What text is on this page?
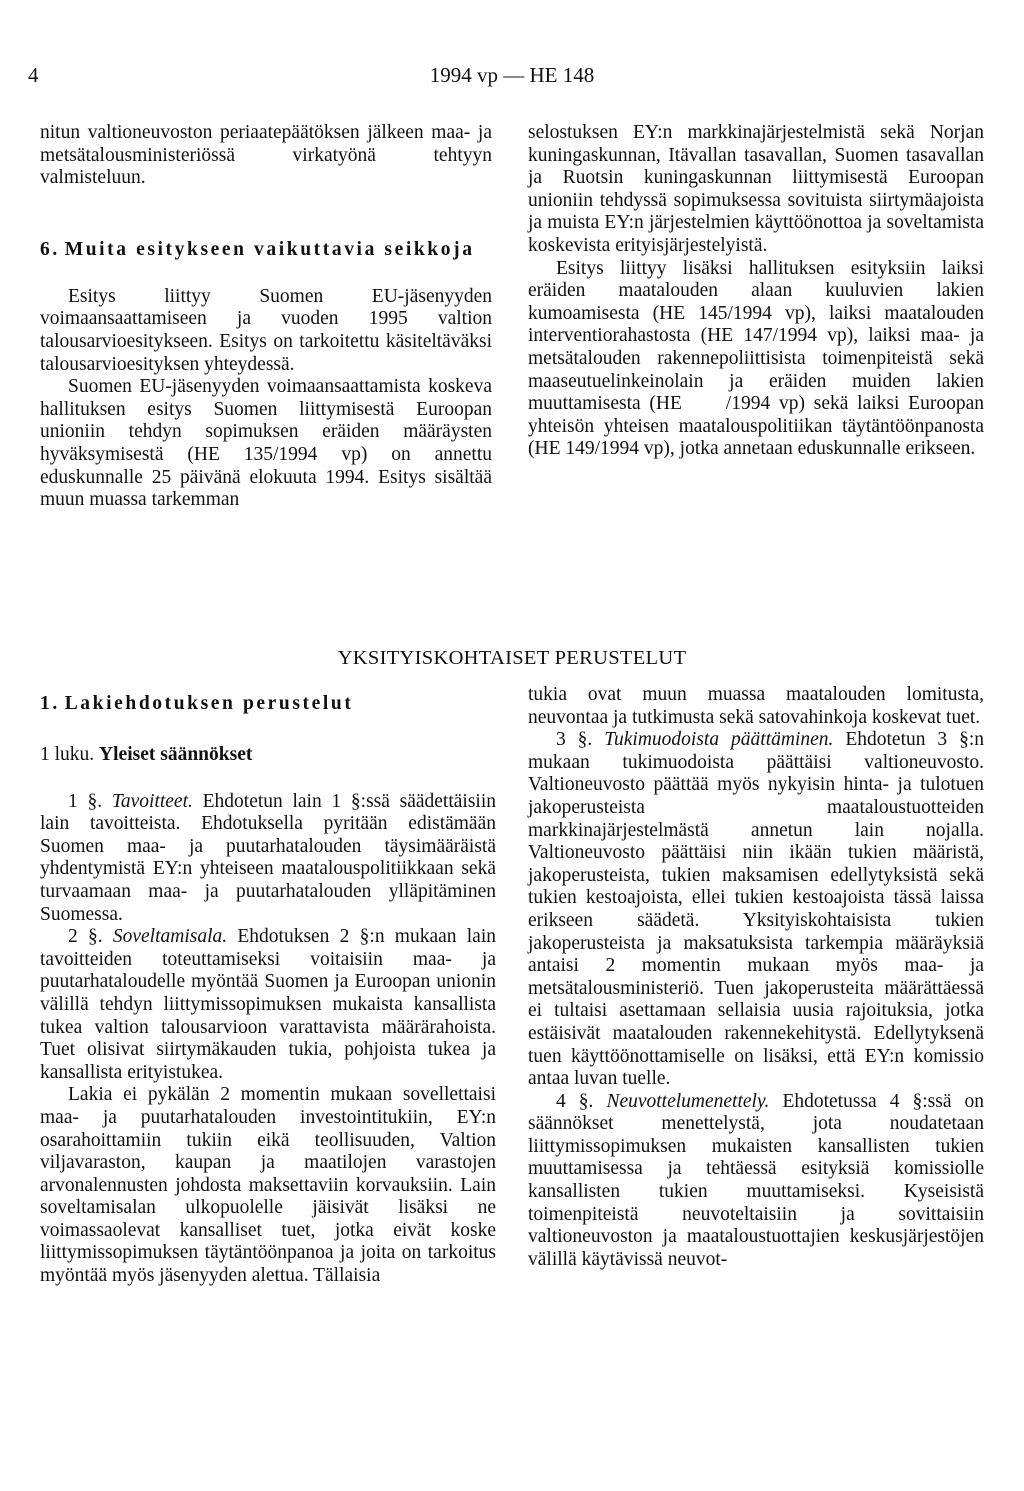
4	1994 vp — HE 148

nitun valtioneuvoston periaatepäätöksen jälkeen maa- ja metsätalousministeriössä virkatyönä tehtyyn valmisteluun.

6. Muita esitykseen vaikuttavia seikkoja

Esitys liittyy Suomen EU-jäsenyyden voimaansaattamiseen ja vuoden 1995 valtion talousarvioesitykseen. Esitys on tarkoitettu käsiteltäväksi talousarvioesityksen yhteydessä.

Suomen EU-jäsenyyden voimaansaattamista koskeva hallituksen esitys Suomen liittymisestä Euroopan unioniin tehdyn sopimuksen eräiden määräysten hyväksymisestä (HE 135/1994 vp) on annettu eduskunnalle 25 päivänä elokuuta 1994. Esitys sisältää muun muassa tarkemman

selostuksen EY:n markkinajärjestelmistä sekä Norjan kuningaskunnan, Itävallan tasavallan, Suomen tasavallan ja Ruotsin kuningaskunnan liittymisestä Euroopan unioniin tehdyssä sopimuksessa sovituista siirtymäajoista ja muista EY:n järjestelmien käyttöönottoa ja soveltamista koskevista erityisjärjestelyistä.

Esitys liittyy lisäksi hallituksen esityksiin laiksi eräiden maatalouden alaan kuuluvien lakien kumoamisesta (HE 145/1994 vp), laiksi maatalouden interventiorahastosta (HE 147/1994 vp), laiksi maa- ja metsätalouden rakennepoliittisista toimenpiteistä sekä maaseutuelinkeinolain ja eräiden muiden lakien muuttamisesta (HE     /1994 vp) sekä laiksi Euroopan yhteisön yhteisen maatalouspolitiikan täytäntöönpanosta (HE 149/1994 vp), jotka annetaan eduskunnalle erikseen.

YKSITYISKOHTAISET PERUSTELUT

1. Lakiehdotuksen perustelut

1 luku. Yleiset säännökset

1 §. Tavoitteet. Ehdotetun lain 1 §:ssä säädettäisiin lain tavoitteista. Ehdotuksella pyritään edistämään Suomen maa- ja puutarhatalouden täysimääräistä yhdentymistä EY:n yhteiseen maatalouspolitiikkaan sekä turvaamaan maa- ja puutarhatalouden ylläpitäminen Suomessa.

2 §. Soveltamisala. Ehdotuksen 2 §:n mukaan lain tavoitteiden toteuttamiseksi voitaisiin maa- ja puutarhataloudelle myöntää Suomen ja Euroopan unionin välillä tehdyn liittymissopimuksen mukaista kansallista tukea valtion talousarvioon varattavista määrärahoista. Tuet olisivat siirtymäkauden tukia, pohjoista tukea ja kansallista erityistukea.

Lakia ei pykälän 2 momentin mukaan sovellettaisi maa- ja puutarhatalouden investointitukiin, EY:n osarahoittamiin tukiin eikä teollisuuden, Valtion viljavaraston, kaupan ja maatilojen varastojen arvonalennusten johdosta maksettaviin korvauksiin. Lain soveltamisalan ulkopuolelle jäisivät lisäksi ne voimassaolevat kansalliset tuet, jotka eivät koske liittymissopimuksen täytäntöönpanoa ja joita on tarkoitus myöntää myös jäsenyyden alettua. Tällaisia

tukia ovat muun muassa maatalouden lomitusta, neuvontaa ja tutkimusta sekä satovahinkoja koskevat tuet.

3 §. Tukimuodoista päättäminen. Ehdotetun 3 §:n mukaan tukimuodoista päättäisi valtioneuvosto. Valtioneuvosto päättää myös nykyisin hinta- ja tulotuen jakoperusteista maataloustuotteiden markkinajärjestelmästä annetun lain nojalla. Valtioneuvosto päättäisi niin ikään tukien määristä, jakoperusteista, tukien maksamisen edellytyksistä sekä tukien kestoajoista, ellei tukien kestoajoista tässä laissa erikseen säädetä. Yksityiskohtaisista tukien jakoperusteista ja maksatuksista tarkempia määräyksiä antaisi 2 momentin mukaan myös maa- ja metsätalousministeriö. Tuen jakoperusteita määrättäessä ei tultaisi asettamaan sellaisia uusia rajoituksia, jotka estäisivät maatalouden rakennekehitystä. Edellytyksenä tuen käyttöönottamiselle on lisäksi, että EY:n komissio antaa luvan tuelle.

4 §. Neuvottelumenettely. Ehdotetussa 4 §:ssä on säännökset menettelystä, jota noudatetaan liittymissopimuksen mukaisten kansallisten tukien muuttamisessa ja tehtäessä esityksiä komissiolle kansallisten tukien muuttamiseksi. Kyseisistä toimenpiteistä neuvoteltaisiin ja sovittaisiin valtioneuvoston ja maataloustuottajien keskusjärjestöjen välillä käytävissä neuvot-
